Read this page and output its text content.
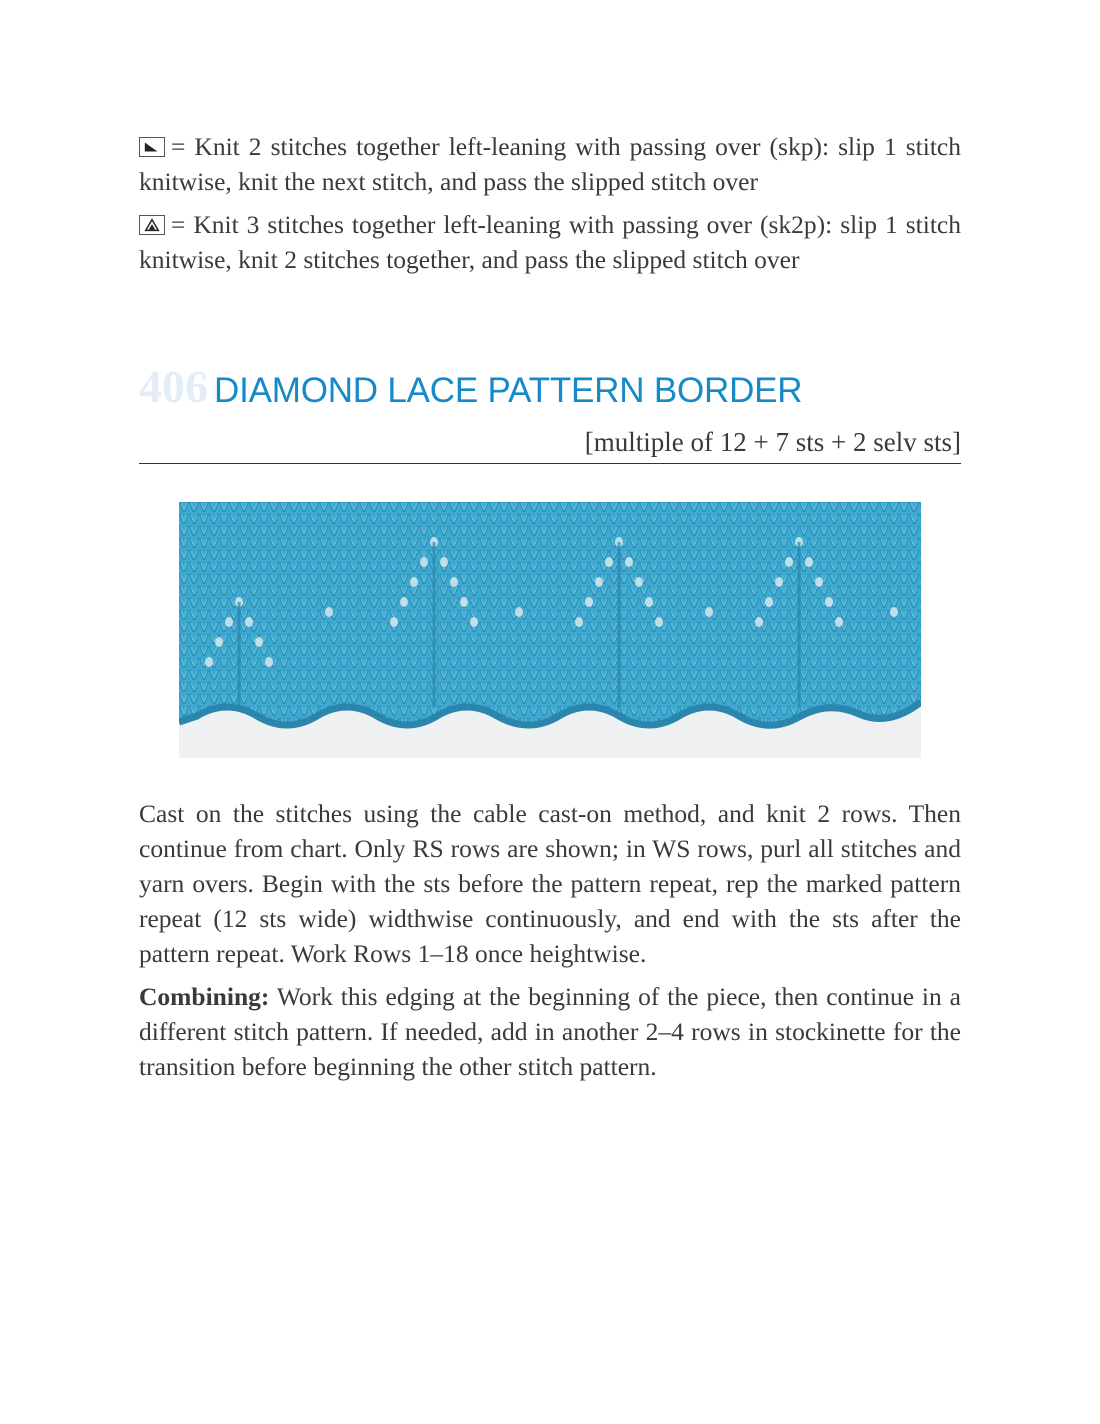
= Knit 2 stitches together left-leaning with passing over (skp): slip 1 stitch knitwise, knit the next stitch, and pass the slipped stitch over

= Knit 3 stitches together left-leaning with passing over (sk2p): slip 1 stitch knitwise, knit 2 stitches together, and pass the slipped stitch over

406 DIAMOND LACE PATTERN BORDER
[multiple of 12 + 7 sts + 2 selv sts]

Cast on the stitches using the cable cast-on method, and knit 2 rows. Then continue from chart. Only RS rows are shown; in WS rows, purl all stitches and yarn overs. Begin with the sts before the pattern repeat, rep the marked pattern repeat (12 sts wide) widthwise continuously, and end with the sts after the pattern repeat. Work Rows 1–18 once heightwise.

Combining: Work this edging at the beginning of the piece, then continue in a different stitch pattern. If needed, add in another 2–4 rows in stockinette for the transition before beginning the other stitch pattern.
